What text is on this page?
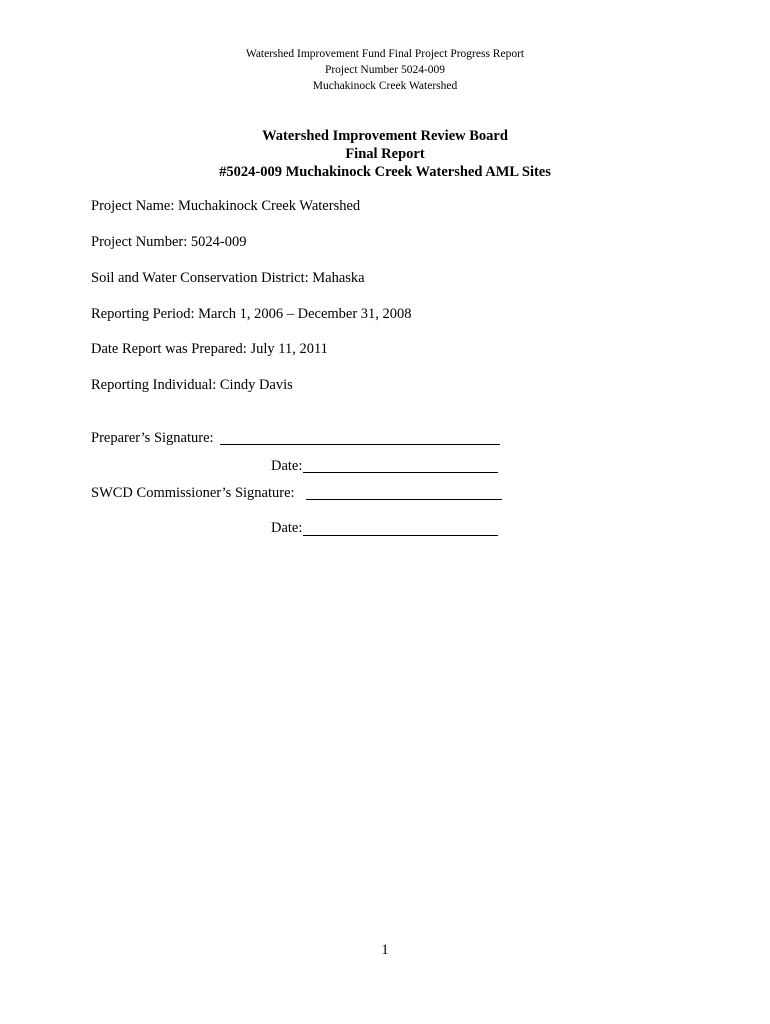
Watershed Improvement Fund Final Project Progress Report
Project Number 5024-009
Muchakinock Creek Watershed
Watershed Improvement Review Board
Final Report
#5024-009 Muchakinock Creek Watershed AML Sites
Project Name: Muchakinock Creek Watershed
Project Number: 5024-009
Soil and Water Conservation District: Mahaska
Reporting Period: March 1, 2006 – December 31, 2008
Date Report was Prepared: July 11, 2011
Reporting Individual: Cindy Davis
Preparer’s Signature:
Date:
SWCD Commissioner’s Signature:
Date:
1
